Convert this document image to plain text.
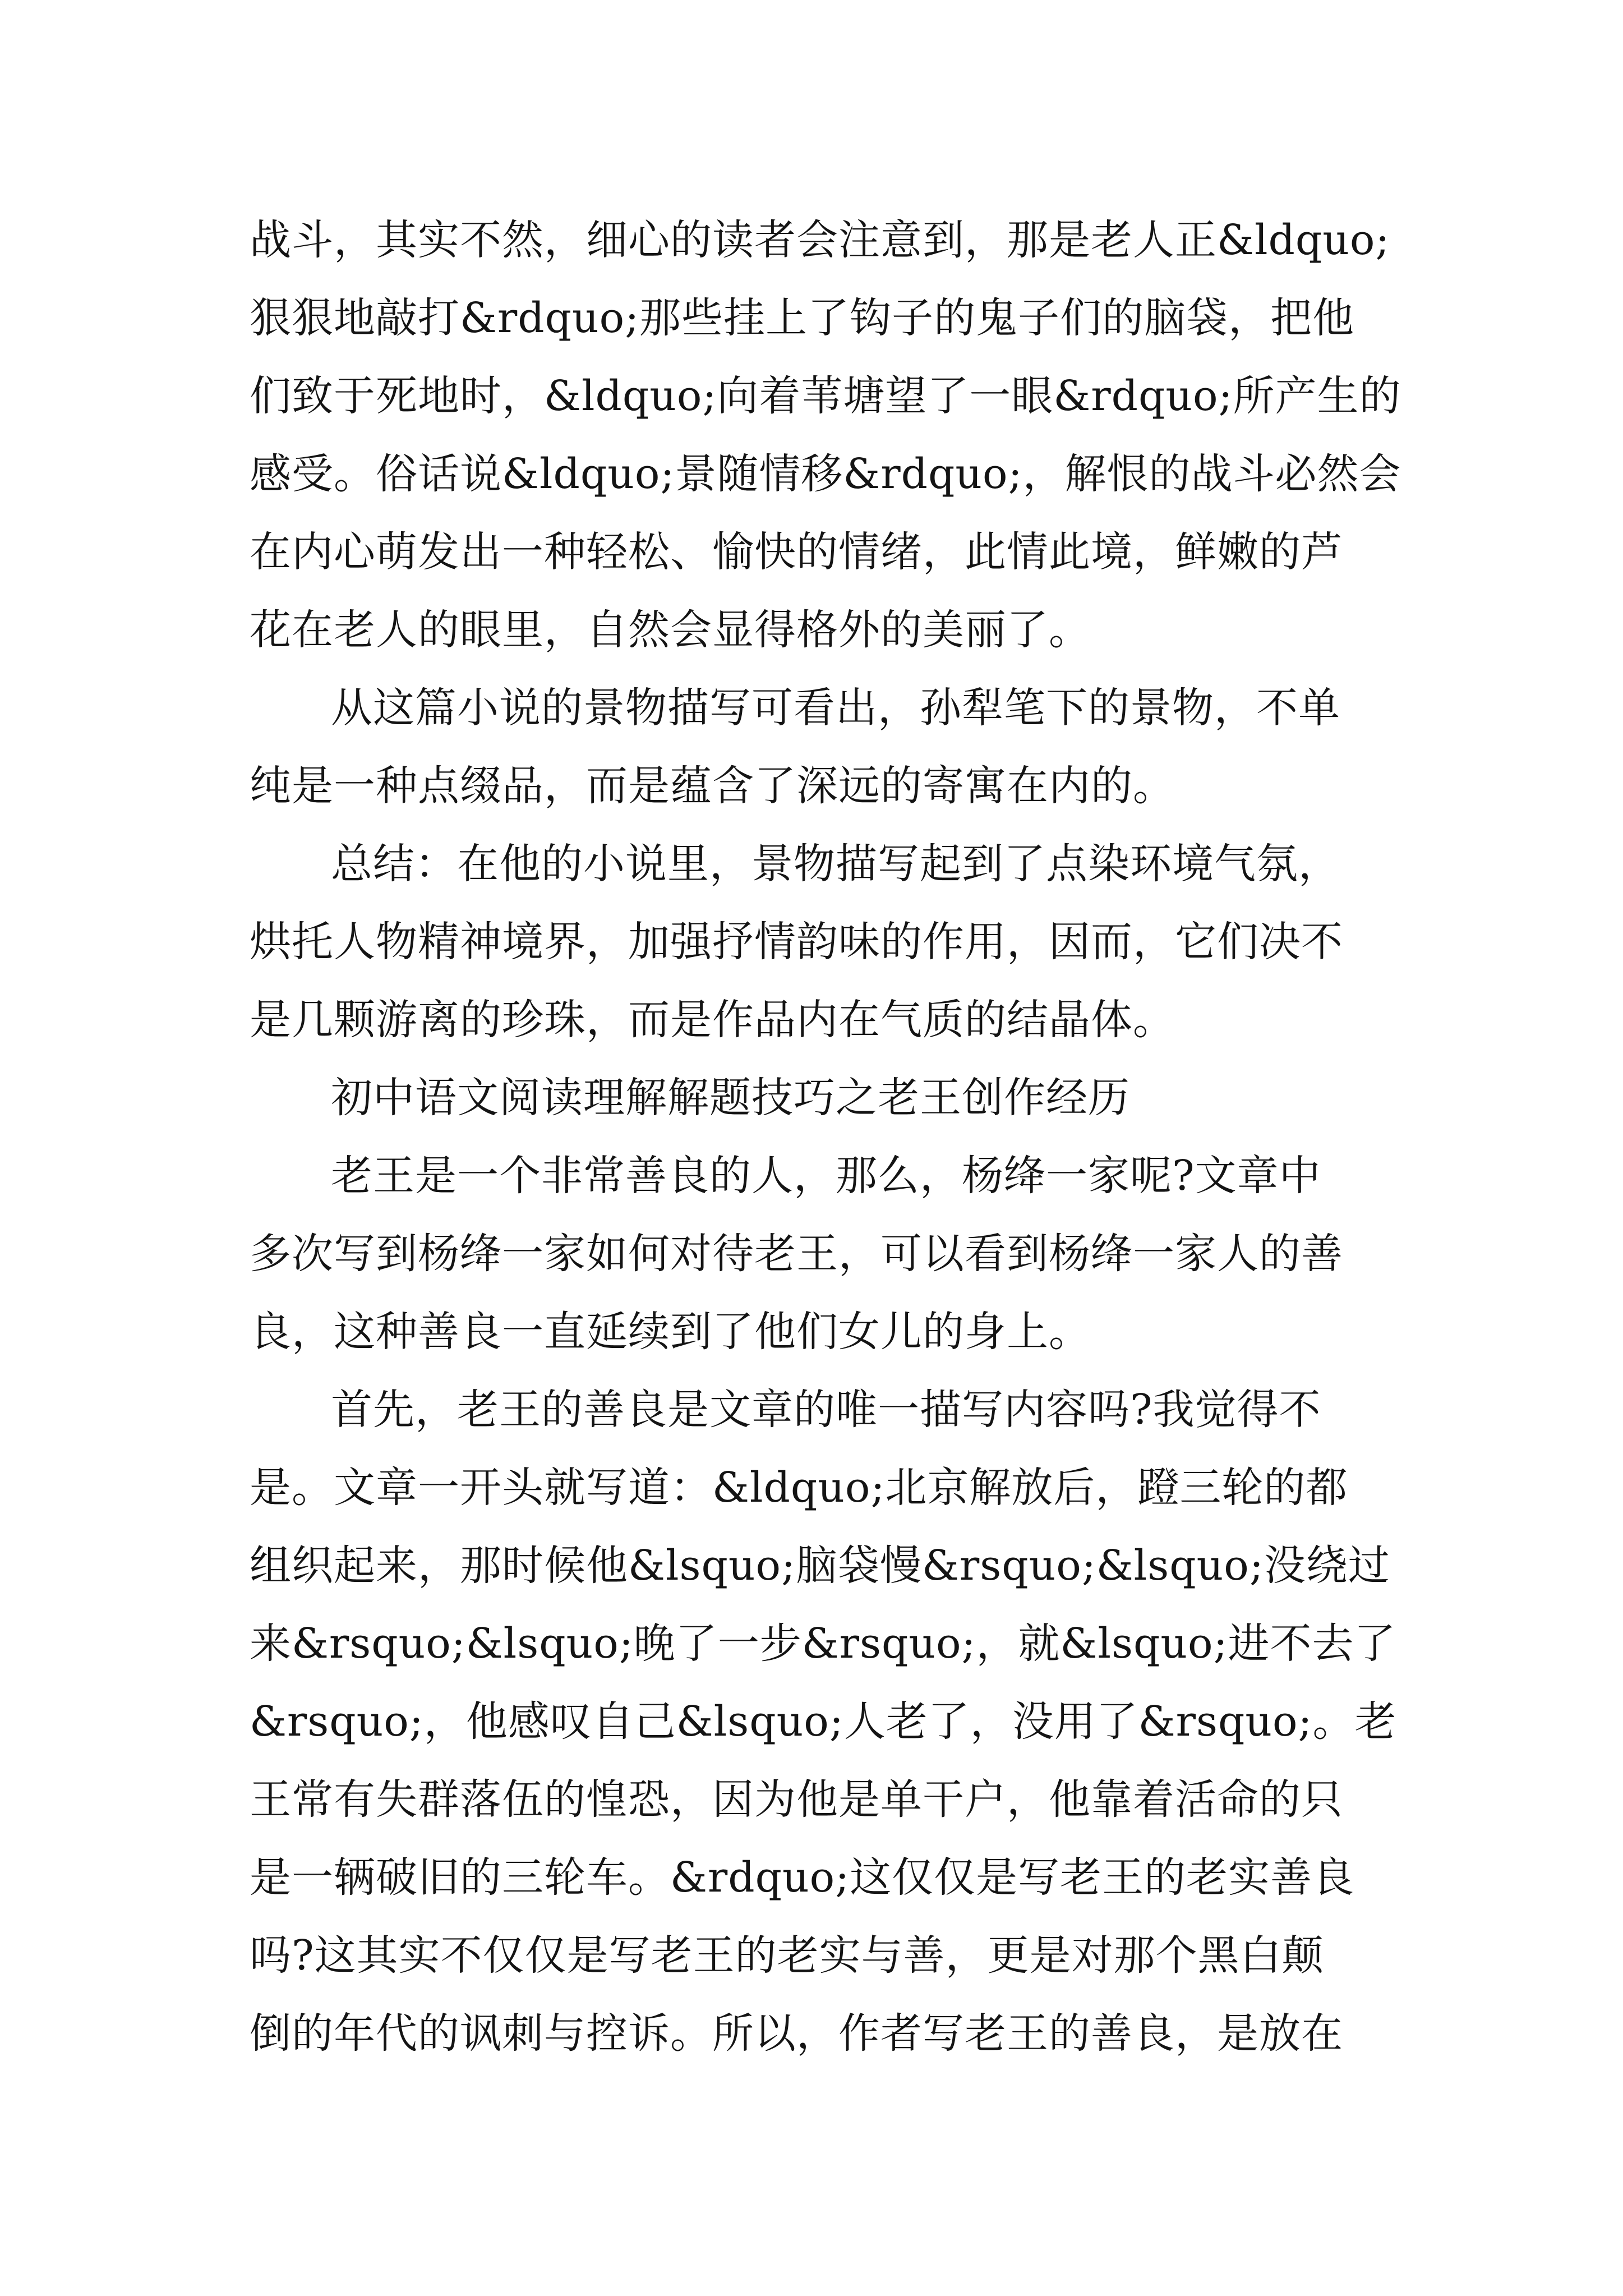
战斗，其实不然，细心的读者会注意到，那是老人正&ldquo;
狠狠地敲打&rdquo;那些挂上了钩子的鬼子们的脑袋，把他
们致于死地时，&ldquo;向着苇塘望了一眼&rdquo;所产生的
感受。俗话说&ldquo;景随情移&rdquo;，解恨的战斗必然会
在内心萌发出一种轻松、愉快的情绪，此情此境，鲜嫩的芦
花在老人的眼里，自然会显得格外的美丽了。
从这篇小说的景物描写可看出，孙犁笔下的景物，不单
纯是一种点缀品，而是蕴含了深远的寄寓在内的。
总结：在他的小说里，景物描写起到了点染环境气氛，
烘托人物精神境界，加强抒情韵味的作用，因而，它们决不
是几颗游离的珍珠，而是作品内在气质的结晶体。
初中语文阅读理解解题技巧之老王创作经历
老王是一个非常善良的人，那么，杨绛一家呢?文章中
多次写到杨绛一家如何对待老王，可以看到杨绛一家人的善
良，这种善良一直延续到了他们女儿的身上。
首先，老王的善良是文章的唯一描写内容吗?我觉得不
是。文章一开头就写道：&ldquo;北京解放后，蹬三轮的都
组织起来，那时候他&lsquo;脑袋慢&rsquo;&lsquo;没绕过
来&rsquo;&lsquo;晚了一步&rsquo;，就&lsquo;进不去了
&rsquo;，他感叹自己&lsquo;人老了，没用了&rsquo;。老
王常有失群落伍的惶恐，因为他是单干户，他靠着活命的只
是一辆破旧的三轮车。&rdquo;这仅仅是写老王的老实善良
吗?这其实不仅仅是写老王的老实与善，更是对那个黑白颠
倒的年代的讽刺与控诉。所以，作者写老王的善良，是放在
